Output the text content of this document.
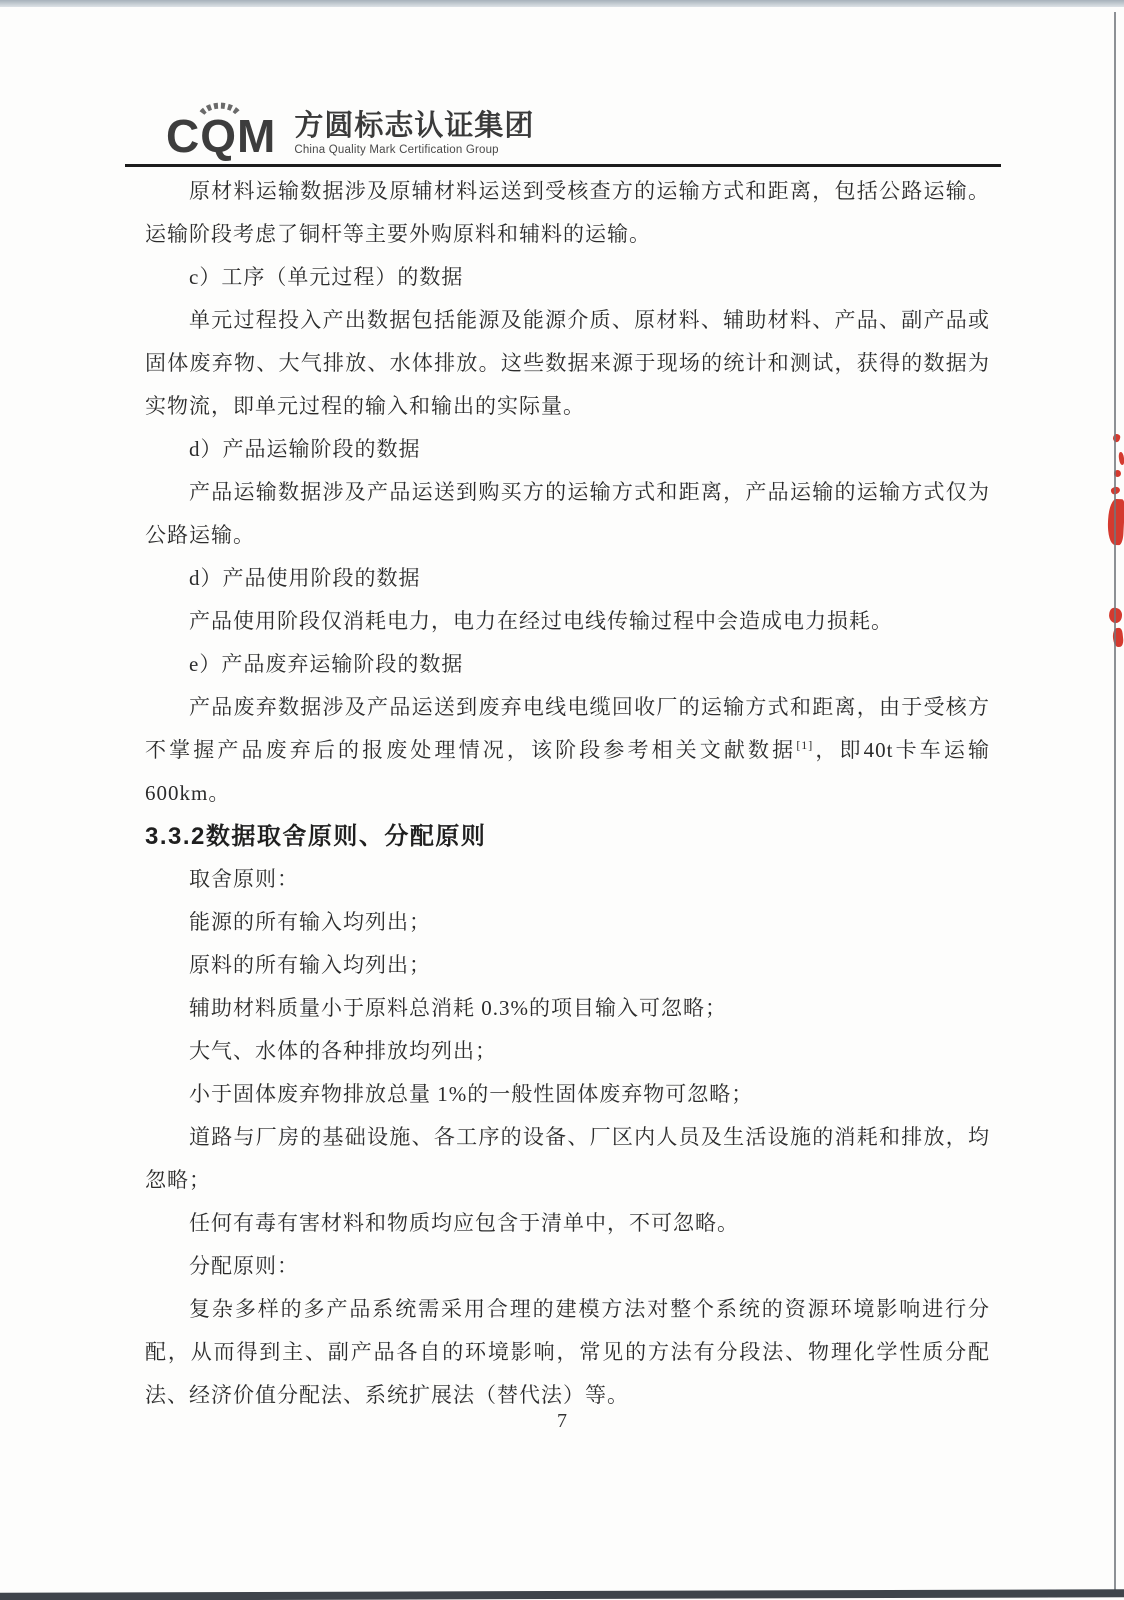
CQM 方圆标志认证集团
China Quality Mark Certification Group

原材料运输数据涉及原辅材料运送到受核查方的运输方式和距离，包括公路运输。运输阶段考虑了铜杆等主要外购原料和辅料的运输。

c）工序（单元过程）的数据

单元过程投入产出数据包括能源及能源介质、原材料、辅助材料、产品、副产品或固体废弃物、大气排放、水体排放。这些数据来源于现场的统计和测试，获得的数据为实物流，即单元过程的输入和输出的实际量。

d）产品运输阶段的数据

产品运输数据涉及产品运送到购买方的运输方式和距离，产品运输的运输方式仅为公路运输。

d）产品使用阶段的数据

产品使用阶段仅消耗电力，电力在经过电线传输过程中会造成电力损耗。

e）产品废弃运输阶段的数据

产品废弃数据涉及产品运送到废弃电线电缆回收厂的运输方式和距离，由于受核方不掌握产品废弃后的报废处理情况，该阶段参考相关文献数据[1]，即40t卡车运输600km。

3.3.2数据取舍原则、分配原则

取舍原则：

能源的所有输入均列出；

原料的所有输入均列出；

辅助材料质量小于原料总消耗 0.3%的项目输入可忽略；

大气、水体的各种排放均列出；

小于固体废弃物排放总量 1%的一般性固体废弃物可忽略；

道路与厂房的基础设施、各工序的设备、厂区内人员及生活设施的消耗和排放，均忽略；

任何有毒有害材料和物质均应包含于清单中，不可忽略。

分配原则：

复杂多样的多产品系统需采用合理的建模方法对整个系统的资源环境影响进行分配，从而得到主、副产品各自的环境影响，常见的方法有分段法、物理化学性质分配法、经济价值分配法、系统扩展法（替代法）等。

7
